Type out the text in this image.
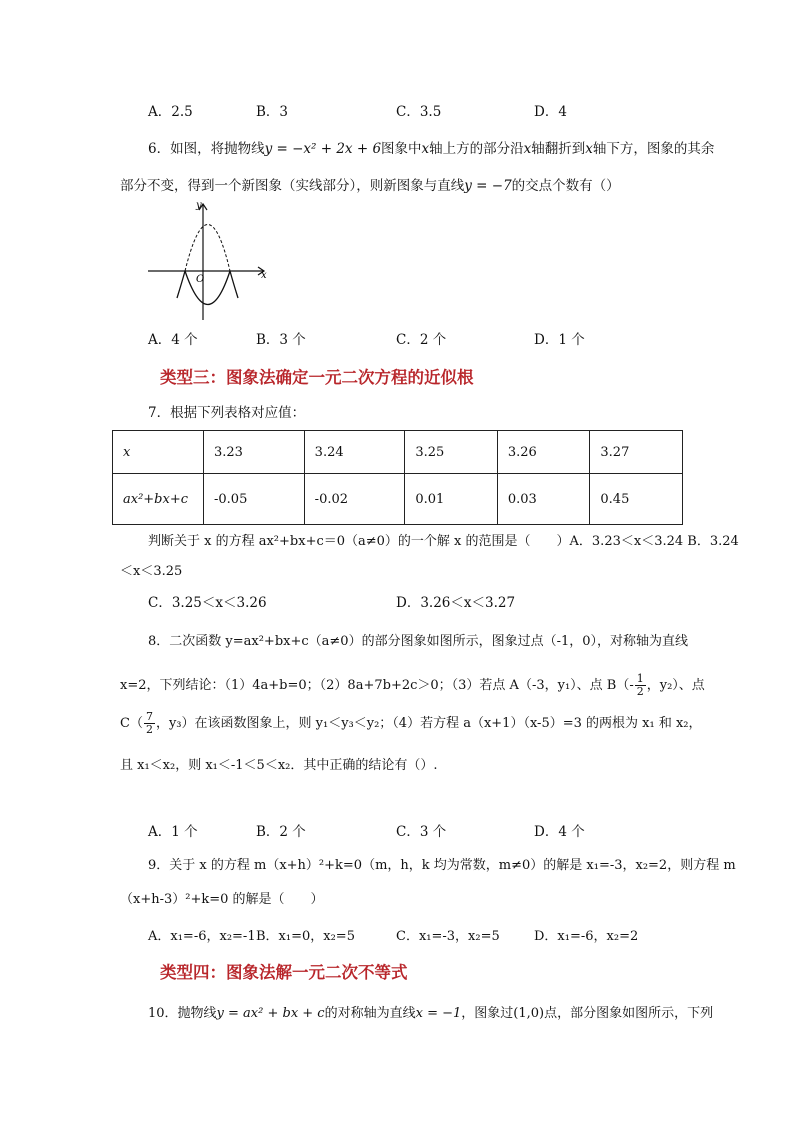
A．2.5	B．3	C．3.5	D．4
6．如图，将抛物线y = −x² + 2x + 6图象中x轴上方的部分沿x轴翻折到x轴下方，图象的其余
部分不变，得到一个新图象（实线部分），则新图象与直线y = −7的交点个数有（）
y
x
O
A．4 个	B．3 个	C．2 个	D．1 个
类型三：图象法确定一元二次方程的近似根
7．根据下列表格对应值：
x	3.23	3.24	3.25	3.26	3.27
ax²+bx+c	-0.05	-0.02	0.01	0.03	0.45
判断关于 x 的方程 ax²+bx+c＝0（a≠0）的一个解 x 的范围是（　　）A．3.23＜x＜3.24 B．3.24
＜x＜3.25
C．3.25＜x＜3.26	D．3.26＜x＜3.27
8．二次函数 y=ax²+bx+c（a≠0）的部分图象如图所示，图象过点（-1，0），对称轴为直线
x=2，下列结论：（1）4a+b=0；（2）8a+7b+2c＞0；（3）若点 A（-3，y₁）、点 $B(- \frac{1}{2}$ ，y₂）、点
$C( \frac{7}{2}$ ，y₃）在该函数图象上，则 y₁＜y₃＜y₂；（4）若方程 a（x+1）（x-5）=3 的两根为 x₁ 和 x₂，
且 x₁＜x₂，则 x₁＜-1＜5＜x₂．其中正确的结论有（）.
A．1 个	B．2 个	C．3 个	D．4 个
9．关于 x 的方程 m（x+h）²+k=0（m，h，k 均为常数，m≠0）的解是 x₁=-3，x₂=2，则方程 m
（x+h-3）²+k=0 的解是（　　）
A．x₁=-6，x₂=-1 B．x₁=0，x₂=5	C．x₁=-3，x₂=5	D．x₁=-6，x₂=2
类型四：图象法解一元二次不等式
10．抛物线y = ax² + bx + c的对称轴为直线x = −1，图象过(1,0)点，部分图象如图所示，下列
